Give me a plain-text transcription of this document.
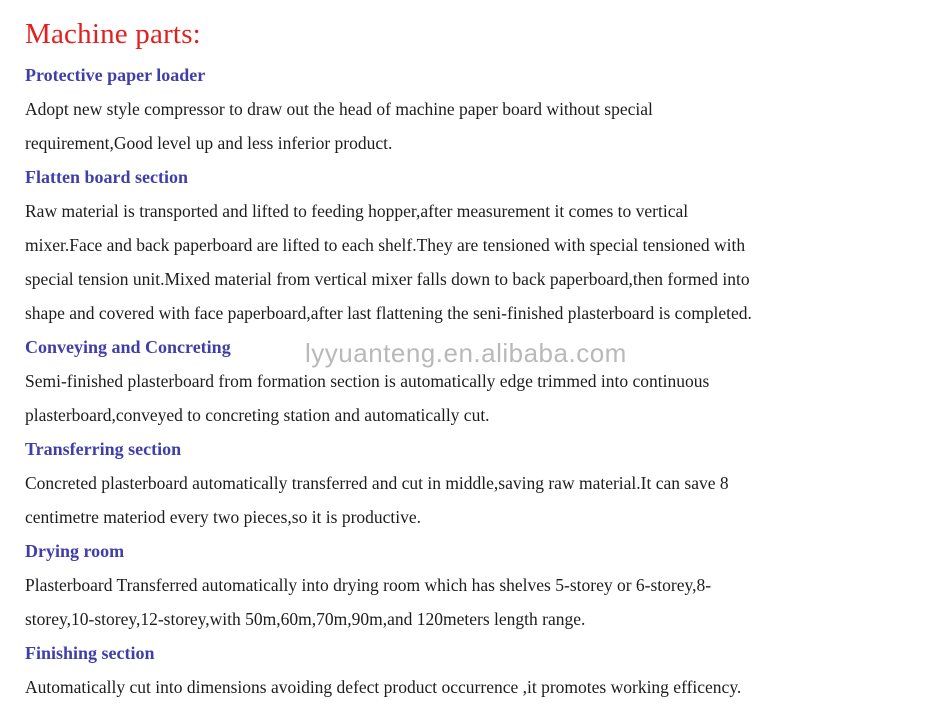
Machine parts:
Protective paper loader

Adopt new style compressor to draw out the head of machine paper board without special

requirement,Good level up and less inferior product.

Flatten board section

Raw material is transported and lifted to feeding hopper,after measurement it comes to vertical

mixer.Face and back paperboard are lifted to each shelf.They are tensioned with special tensioned with

special tension unit.Mixed material from vertical mixer falls down to back paperboard,then formed into

shape and covered with face paperboard,after last flattening the seni-finished plasterboard is completed.

Conveying and Concreting

Semi-finished plasterboard from formation section is automatically edge trimmed into continuous

plasterboard,conveyed to concreting station and automatically cut.

Transferring section

Concreted plasterboard automatically transferred and cut in middle,saving raw material.It can save 8

centimetre materiod every two pieces,so it is productive.

Drying room

Plasterboard Transferred automatically into drying room which has shelves 5-storey or 6-storey,8-

storey,10-storey,12-storey,with 50m,60m,70m,90m,and 120meters length range.

Finishing section

Automatically cut into dimensions avoiding defect product occurrence ,it promotes working efficency.

lyyuanteng.en.alibaba.com
